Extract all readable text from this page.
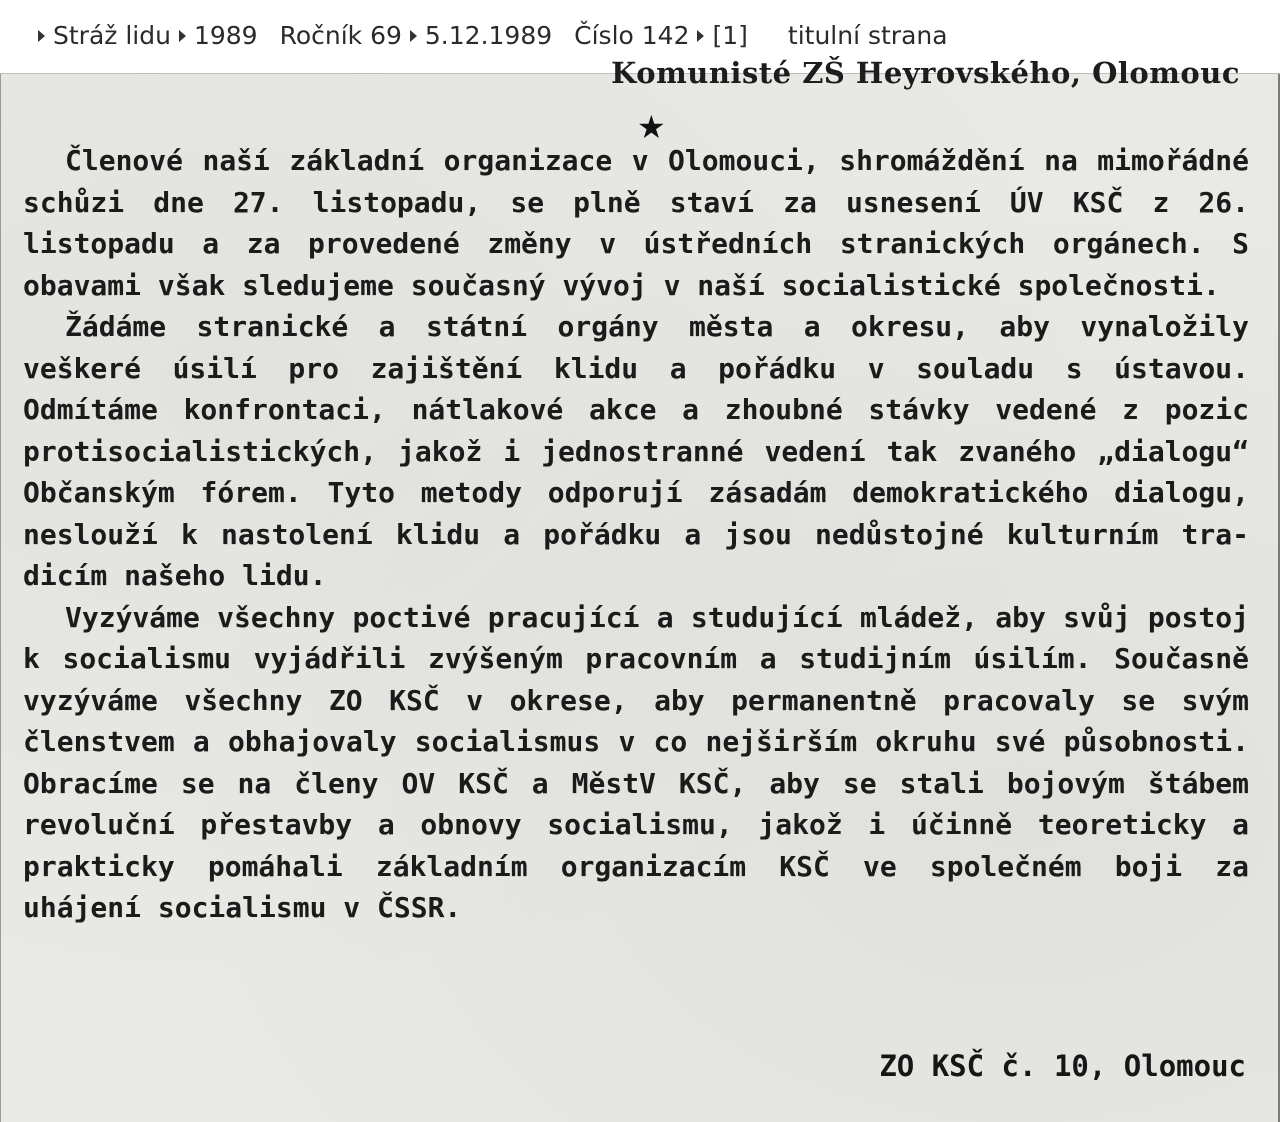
Stráž lidu 1989 Ročník 69 5.12.1989 Číslo 142 [1] titulní strana
Komunisté ZŠ Heyrovského, Olomouc
★

Členové naší základní organizace v Olomouci, shromáždění na mimořádné schůzi dne 27. listopadu, se plně staví za usnesení ÚV KSČ z 26. listopadu a za provedené změny v ústředních stranických orgánech. S obavami však sledujeme současný vývoj v naší socialistické společnosti.

Žádáme stranické a státní orgány města a okresu, aby vynaložily veškeré úsilí pro zajištění klidu a pořádku v souladu s ústavou. Odmítáme konfrontaci, nátlakové akce a zhoubné stávky vedené z pozic protisocialistických, jakož i jednostranné vedení tak zvaného „dialogu“ Občanským fórem. Tyto metody odporují zásadám demokratického dialogu, neslouží k nastolení klidu a pořádku a jsou nedůstojné kulturním tradicím našeho lidu.

Vyzýváme všechny poctivé pracující a studující mládež, aby svůj postoj k socialismu vyjádřili zvýšeným pracovním a studijním úsilím. Současně vyzýváme všechny ZO KSČ v okrese, aby permanentně pracovaly se svým členstvem a obhajovaly socialismus v co nejširším okruhu své působnosti. Obracíme se na členy OV KSČ a MěstV KSČ, aby se stali bojovým štábem revoluční přestavby a obnovy socialismu, jakož i účinně teoreticky a prakticky pomáhali základním organizacím KSČ ve společném boji za uhájení socialismu v ČSSR.

ZO KSČ č. 10, Olomouc
